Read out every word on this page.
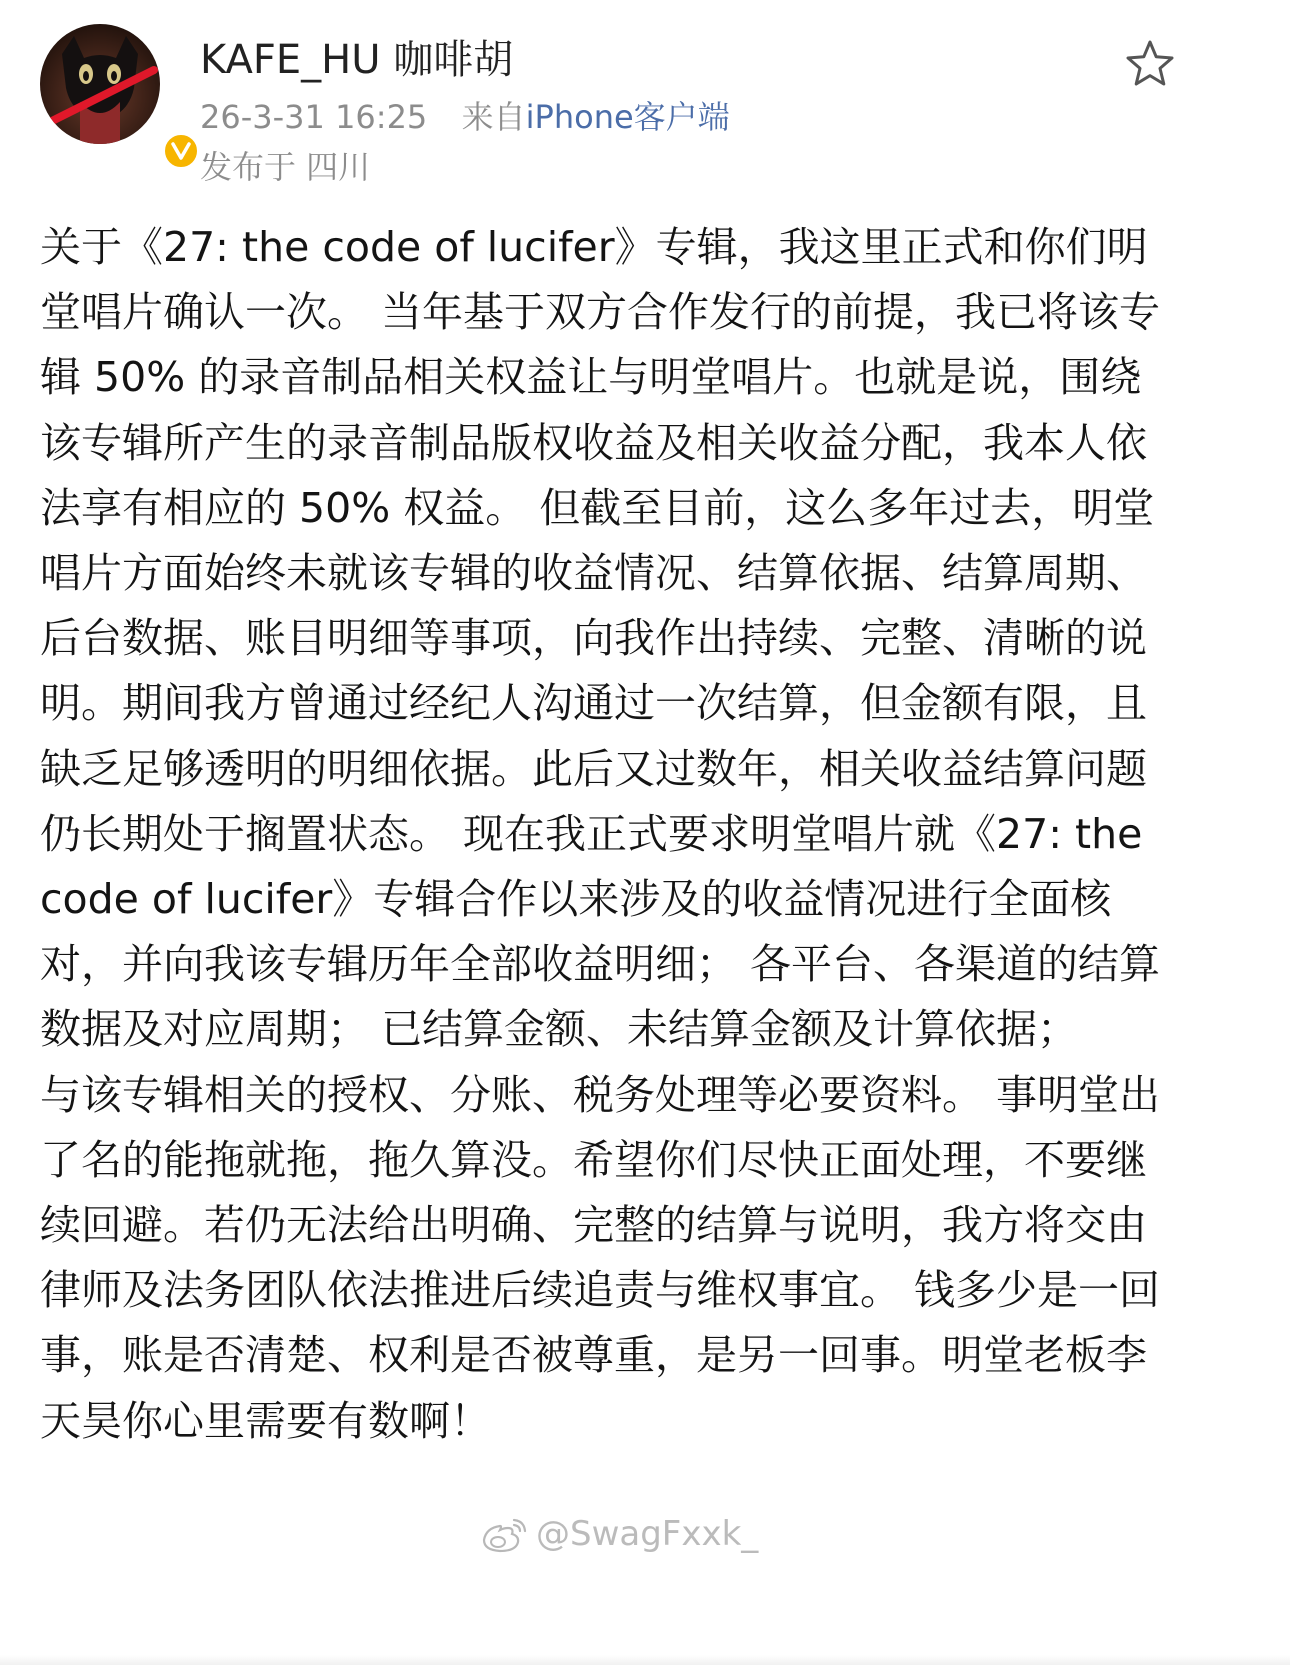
KAFE_HU 咖啡胡
26-3-31 16:25 来自iPhone客户端
发布于 四川
关于《27: the code of lucifer》专辑，我这里正式和你们明堂唱片确认一次。 当年基于双方合作发行的前提，我已将该专辑 50% 的录音制品相关权益让与明堂唱片。也就是说，围绕该专辑所产生的录音制品版权收益及相关收益分配，我本人依法享有相应的 50% 权益。 但截至目前，这么多年过去，明堂唱片方面始终未就该专辑的收益情况、结算依据、结算周期、后台数据、账目明细等事项，向我作出持续、完整、清晰的说明。期间我方曾通过经纪人沟通过一次结算，但金额有限，且缺乏足够透明的明细依据。此后又过数年，相关收益结算问题仍长期处于搁置状态。 现在我正式要求明堂唱片就《27: the code of lucifer》专辑合作以来涉及的收益情况进行全面核对，并向我该专辑历年全部收益明细； 各平台、各渠道的结算数据及对应周期； 已结算金额、未结算金额及计算依据；
与该专辑相关的授权、分账、税务处理等必要资料。 事明堂出了名的能拖就拖，拖久算没。希望你们尽快正面处理，不要继续回避。若仍无法给出明确、完整的结算与说明，我方将交由律师及法务团队依法推进后续追责与维权事宜。 钱多少是一回事，账是否清楚、权利是否被尊重，是另一回事。明堂老板李天昊你心里需要有数啊！
@SwagFxxk_
